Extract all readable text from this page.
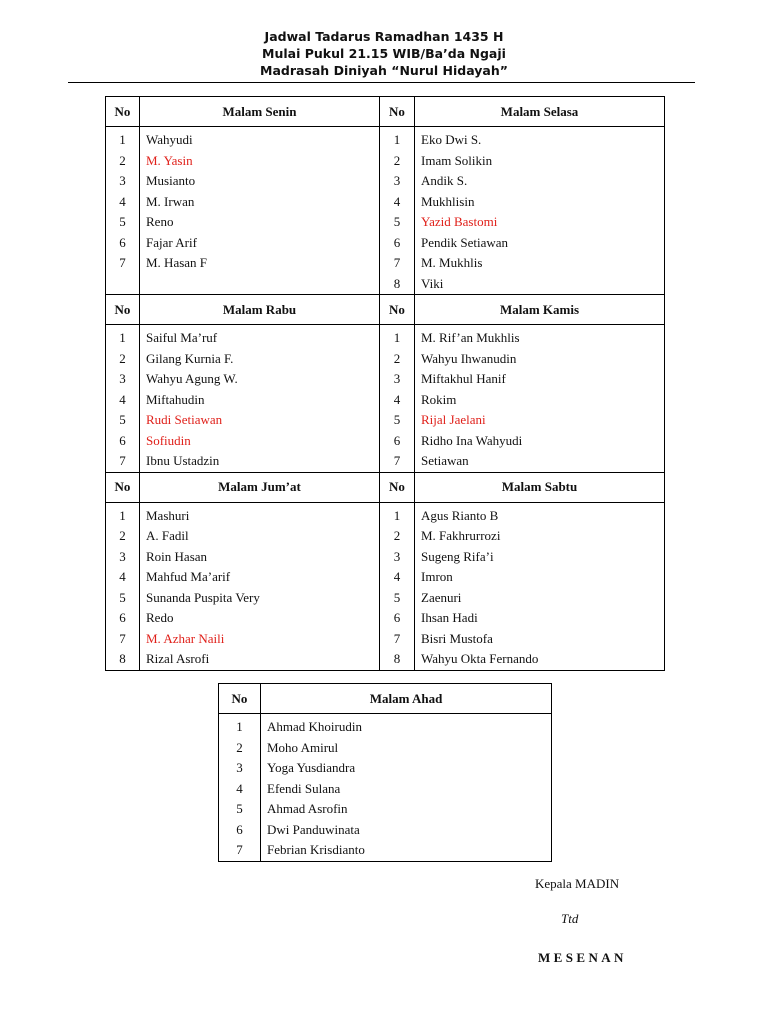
Jadwal Tadarus Ramadhan 1435 H
Mulai Pukul 21.15 WIB/Ba’da Ngaji
Madrasah Diniyah “Nurul Hidayah”
No	Malam Senin	No	Malam Selasa
1	Wahyudi	1	Eko Dwi S.
2	M. Yasin	2	Imam Solikin
3	Musianto	3	Andik S.
4	M. Irwan	4	Mukhlisin
5	Reno	5	Yazid Bastomi
6	Fajar Arif	6	Pendik Setiawan
7	M. Hasan F	7	M. Mukhlis
		8	Viki
No	Malam Rabu	No	Malam Kamis
1	Saiful Ma’ruf	1	M. Rif’an Mukhlis
2	Gilang Kurnia F.	2	Wahyu Ihwanudin
3	Wahyu Agung W.	3	Miftakhul Hanif
4	Miftahudin	4	Rokim
5	Rudi Setiawan	5	Rijal Jaelani
6	Sofiudin	6	Ridho Ina Wahyudi
7	Ibnu Ustadzin	7	Setiawan
No	Malam Jum’at	No	Malam Sabtu
1	Mashuri	1	Agus Rianto B
2	A. Fadil	2	M. Fakhrurrozi
3	Roin Hasan	3	Sugeng Rifa’i
4	Mahfud Ma’arif	4	Imron
5	Sunanda Puspita Very	5	Zaenuri
6	Redo	6	Ihsan Hadi
7	M. Azhar Naili	7	Bisri Mustofa
8	Rizal Asrofi	8	Wahyu Okta Fernando
No	Malam Ahad
1	Ahmad Khoirudin
2	Moho Amirul
3	Yoga Yusdiandra
4	Efendi Sulana
5	Ahmad Asrofin
6	Dwi Panduwinata
7	Febrian Krisdianto
Kepala MADIN
Ttd
MESENAN
